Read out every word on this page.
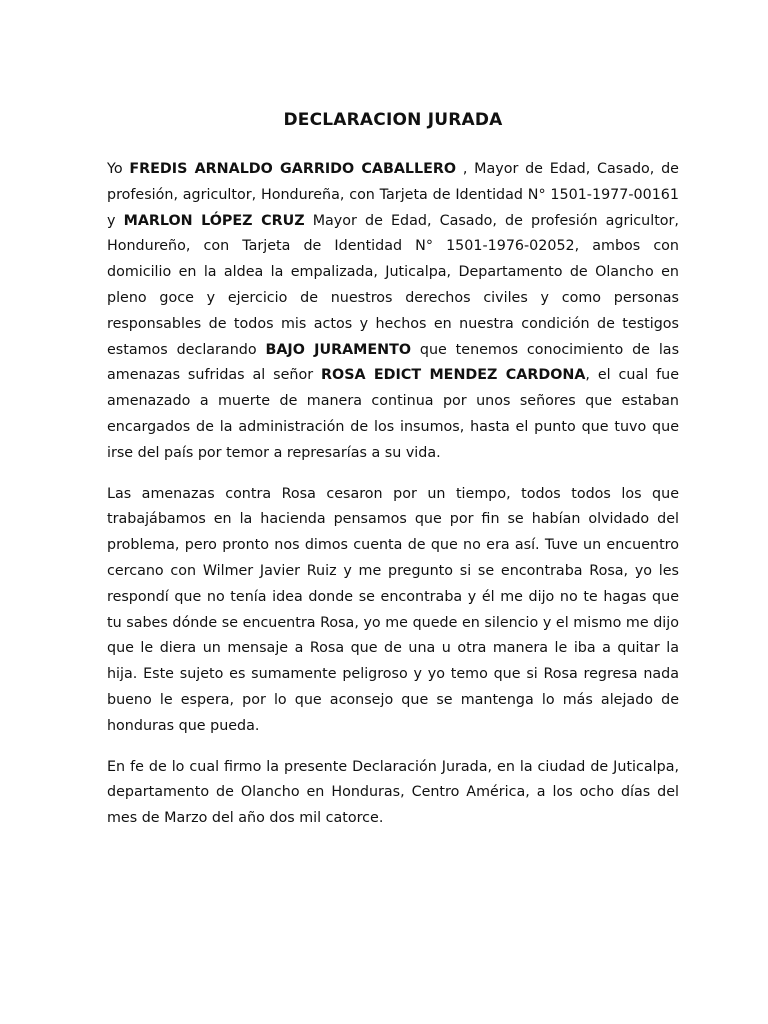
DECLARACION JURADA

Yo FREDIS ARNALDO GARRIDO CABALLERO , Mayor de Edad, Casado, de profesión, agricultor, Hondureña, con Tarjeta de Identidad N° 1501-1977-00161 y MARLON LÓPEZ CRUZ Mayor de Edad, Casado, de profesión agricultor, Hondureño, con Tarjeta de Identidad N° 1501-1976-02052, ambos con domicilio en la aldea la empalizada, Juticalpa, Departamento de Olancho en pleno goce y ejercicio de nuestros derechos civiles y como personas responsables de todos mis actos y hechos en nuestra condición de testigos estamos declarando BAJO JURAMENTO que tenemos conocimiento de las amenazas sufridas al señor ROSA EDICT MENDEZ CARDONA, el cual fue amenazado a muerte de manera continua por unos señores que estaban encargados de la administración de los insumos, hasta el punto que tuvo que irse del país por temor a represarías a su vida.

Las amenazas contra Rosa cesaron por un tiempo, todos todos los que trabajábamos en la hacienda pensamos que por fin se habían olvidado del problema, pero pronto nos dimos cuenta de que no era así. Tuve un encuentro cercano con Wilmer Javier Ruiz y me pregunto si se encontraba Rosa, yo les respondí que no tenía idea donde se encontraba y él me dijo no te hagas que tu sabes dónde se encuentra Rosa, yo me quede en silencio y el mismo me dijo que le diera un mensaje a Rosa que de una u otra manera le iba a quitar la hija. Este sujeto es sumamente peligroso y yo temo que si Rosa regresa nada bueno le espera, por lo que aconsejo que se mantenga lo más alejado de honduras que pueda.

En fe de lo cual firmo la presente Declaración Jurada, en la ciudad de Juticalpa, departamento de Olancho en Honduras, Centro América, a los ocho días del mes de Marzo del año dos mil catorce.
